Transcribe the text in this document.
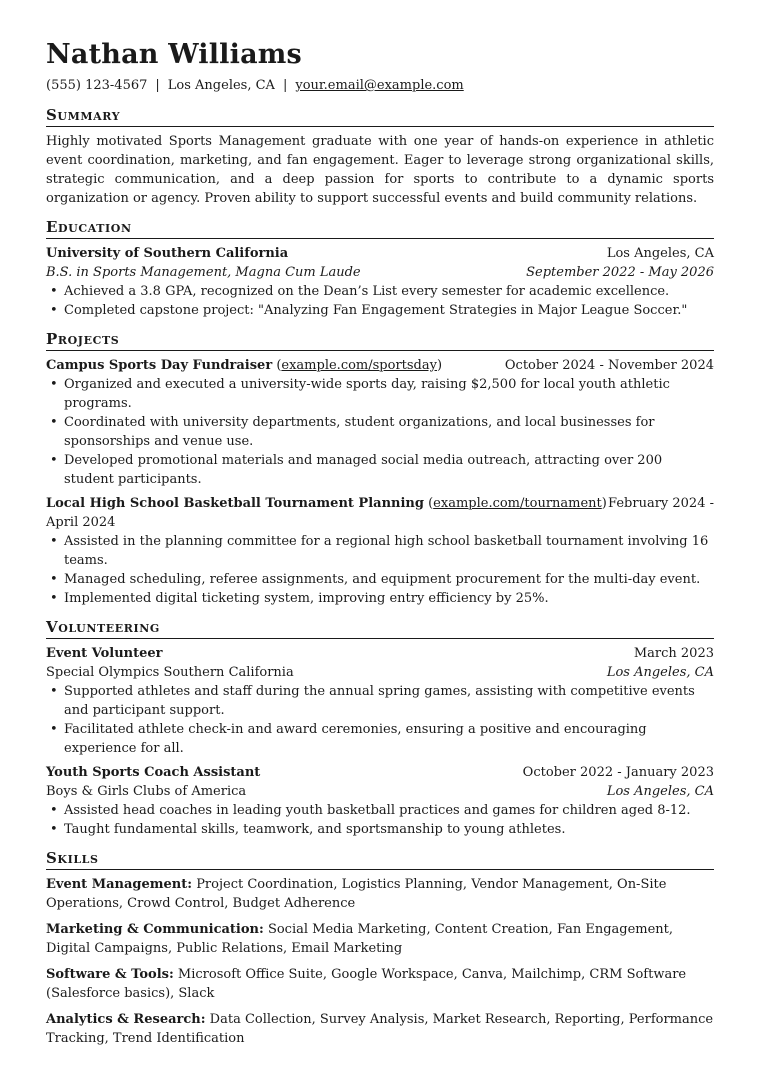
Nathan Williams
(555) 123-4567 | Los Angeles, CA | your.email@example.com
Summary
Highly motivated Sports Management graduate with one year of hands-on experience in athletic event coordination, marketing, and fan engagement. Eager to leverage strong organizational skills, strategic communication, and a deep passion for sports to contribute to a dynamic sports organization or agency. Proven ability to support successful events and build community relations.
Education
University of Southern California	Los Angeles, CA
B.S. in Sports Management, Magna Cum Laude	September 2022 - May 2026
• Achieved a 3.8 GPA, recognized on the Dean’s List every semester for academic excellence.
• Completed capstone project: "Analyzing Fan Engagement Strategies in Major League Soccer."
Projects
Campus Sports Day Fundraiser (example.com/sportsday)	October 2024 - November 2024
• Organized and executed a university-wide sports day, raising $2,500 for local youth athletic programs.
• Coordinated with university departments, student organizations, and local businesses for sponsorships and venue use.
• Developed promotional materials and managed social media outreach, attracting over 200 student participants.
Local High School Basketball Tournament Planning (example.com/tournament) February 2024 -
April 2024
• Assisted in the planning committee for a regional high school basketball tournament involving 16 teams.
• Managed scheduling, referee assignments, and equipment procurement for the multi-day event.
• Implemented digital ticketing system, improving entry efficiency by 25%.
Volunteering
Event Volunteer	March 2023
Special Olympics Southern California	Los Angeles, CA
• Supported athletes and staff during the annual spring games, assisting with competitive events and participant support.
• Facilitated athlete check-in and award ceremonies, ensuring a positive and encouraging experience for all.
Youth Sports Coach Assistant	October 2022 - January 2023
Boys & Girls Clubs of America	Los Angeles, CA
• Assisted head coaches in leading youth basketball practices and games for children aged 8-12.
• Taught fundamental skills, teamwork, and sportsmanship to young athletes.
Skills
Event Management: Project Coordination, Logistics Planning, Vendor Management, On-Site Operations, Crowd Control, Budget Adherence
Marketing & Communication: Social Media Marketing, Content Creation, Fan Engagement, Digital Campaigns, Public Relations, Email Marketing
Software & Tools: Microsoft Office Suite, Google Workspace, Canva, Mailchimp, CRM Software (Salesforce basics), Slack
Analytics & Research: Data Collection, Survey Analysis, Market Research, Reporting, Performance Tracking, Trend Identification
